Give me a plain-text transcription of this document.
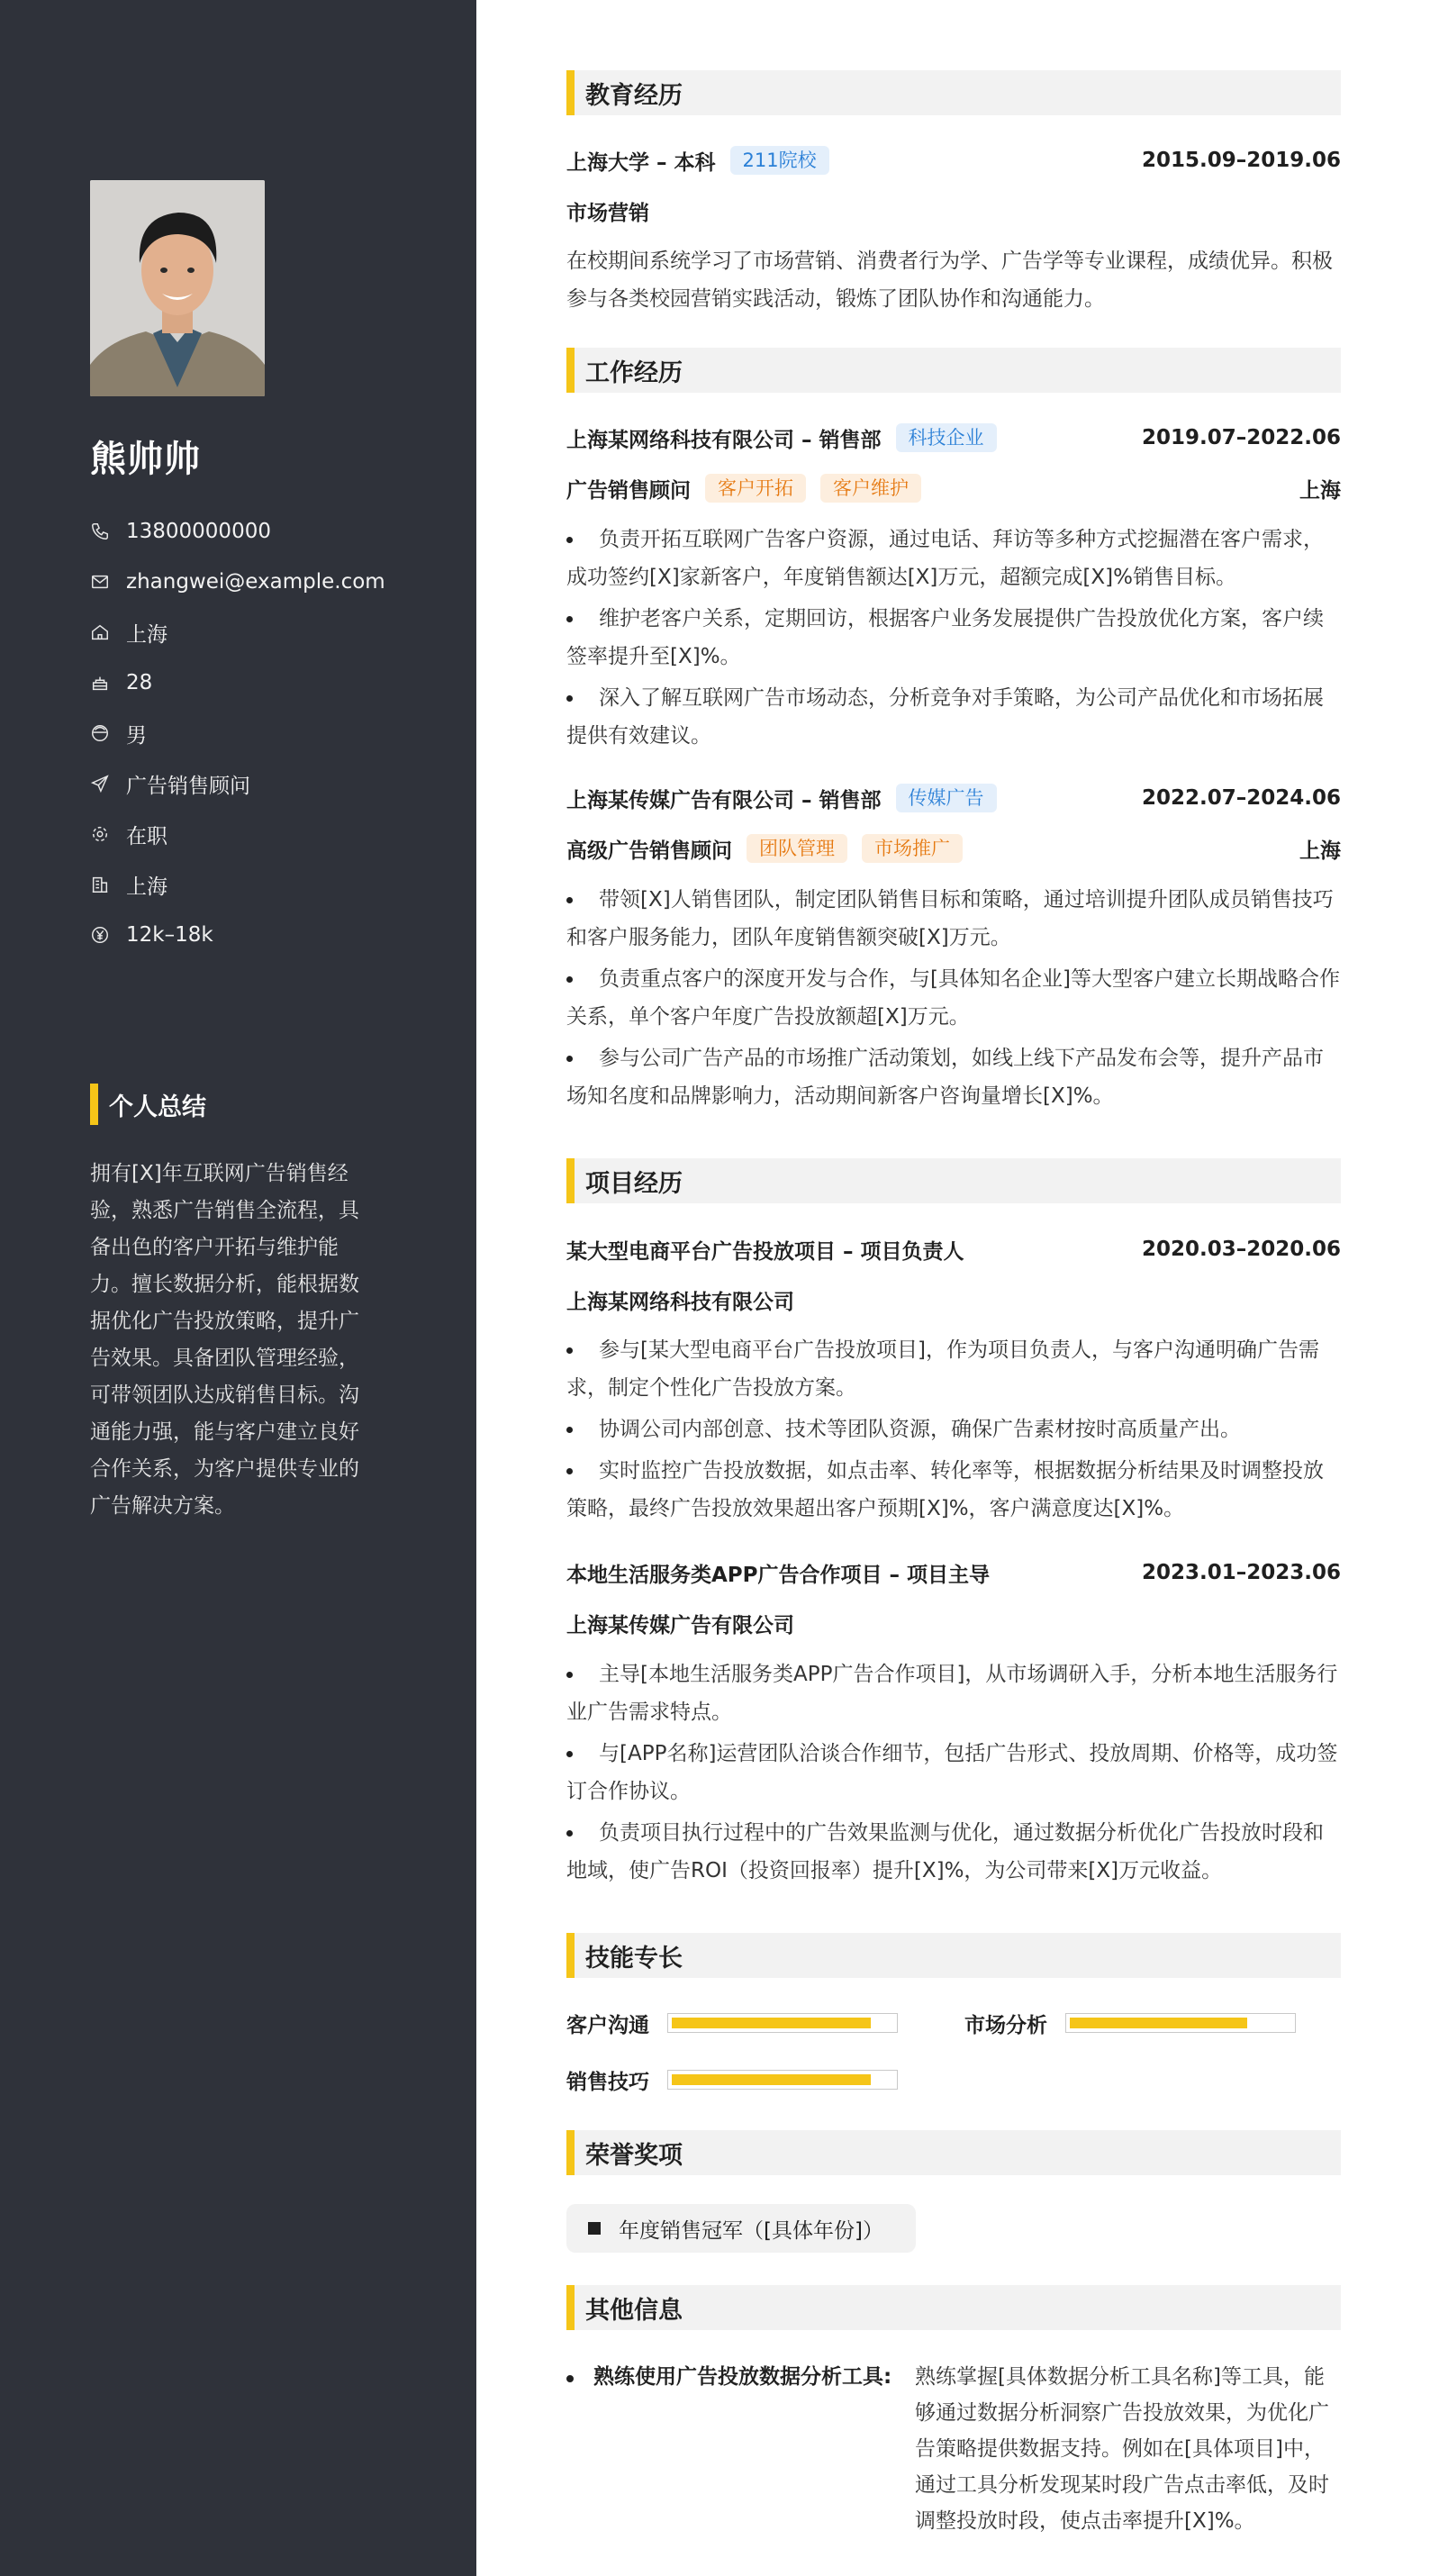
熊帅帅
13800000000
zhangwei@example.com
上海
28
男
广告销售顾问
在职
上海
12k–18k
个人总结

拥有[X]年互联网广告销售经验，熟悉广告销售全流程，具备出色的客户开拓与维护能力。擅长数据分析，能根据数据优化广告投放策略，提升广告效果。具备团队管理经验，可带领团队达成销售目标。沟通能力强，能与客户建立良好合作关系，为客户提供专业的广告解决方案。

教育经历
上海大学 – 本科	211院校	2015.09–2019.06
市场营销

在校期间系统学习了市场营销、消费者行为学、广告学等专业课程，成绩优异。积极参与各类校园营销实践活动，锻炼了团队协作和沟通能力。

工作经历
上海某网络科技有限公司 – 销售部	科技企业	2019.07–2022.06
广告销售顾问	客户开拓	客户维护	上海
负责开拓互联网广告客户资源，通过电话、拜访等多种方式挖掘潜在客户需求，成功签约[X]家新客户，年度销售额达[X]万元，超额完成[X]%销售目标。
维护老客户关系，定期回访，根据客户业务发展提供广告投放优化方案，客户续签率提升至[X]%。
深入了解互联网广告市场动态，分析竞争对手策略，为公司产品优化和市场拓展提供有效建议。
上海某传媒广告有限公司 – 销售部	传媒广告	2022.07–2024.06
高级广告销售顾问	团队管理	市场推广	上海
带领[X]人销售团队，制定团队销售目标和策略，通过培训提升团队成员销售技巧和客户服务能力，团队年度销售额突破[X]万元。
负责重点客户的深度开发与合作，与[具体知名企业]等大型客户建立长期战略合作关系，单个客户年度广告投放额超[X]万元。
参与公司广告产品的市场推广活动策划，如线上线下产品发布会等，提升产品市场知名度和品牌影响力，活动期间新客户咨询量增长[X]%。
项目经历
某大型电商平台广告投放项目 – 项目负责人	2020.03–2020.06
上海某网络科技有限公司
参与[某大型电商平台广告投放项目]，作为项目负责人，与客户沟通明确广告需求，制定个性化广告投放方案。
协调公司内部创意、技术等团队资源，确保广告素材按时高质量产出。
实时监控广告投放数据，如点击率、转化率等，根据数据分析结果及时调整投放策略，最终广告投放效果超出客户预期[X]%，客户满意度达[X]%。
本地生活服务类APP广告合作项目 – 项目主导	2023.01–2023.06
上海某传媒广告有限公司
主导[本地生活服务类APP广告合作项目]，从市场调研入手，分析本地生活服务行业广告需求特点。
与[APP名称]运营团队洽谈合作细节，包括广告形式、投放周期、价格等，成功签订合作协议。
负责项目执行过程中的广告效果监测与优化，通过数据分析优化广告投放时段和地域，使广告ROI（投资回报率）提升[X]%，为公司带来[X]万元收益。
技能专长
客户沟通	市场分析
销售技巧
荣誉奖项
年度销售冠军（[具体年份]）
其他信息
熟练使用广告投放数据分析工具:	熟练掌握[具体数据分析工具名称]等工具，能够通过数据分析洞察广告投放效果，为优化广告策略提供数据支持。例如在[具体项目]中，通过工具分析发现某时段广告点击率低，及时调整投放时段，使点击率提升[X]%。
